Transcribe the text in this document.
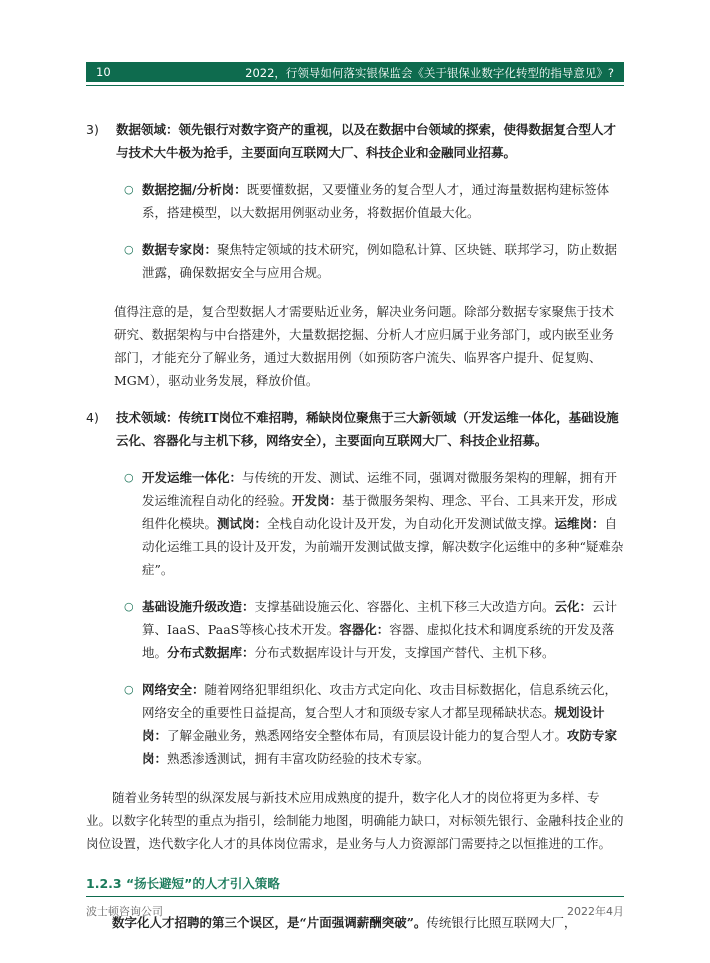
10	2022，行领导如何落实银保监会《关于银保业数字化转型的指导意见》?
3) 数据领域：领先银行对数字资产的重视，以及在数据中台领域的探索，使得数据复合型人才与技术大牛极为抢手，主要面向互联网大厂、科技企业和金融同业招募。
○ 数据挖掘/分析岗：既要懂数据，又要懂业务的复合型人才，通过海量数据构建标签体系，搭建模型，以大数据用例驱动业务，将数据价值最大化。
○ 数据专家岗：聚焦特定领域的技术研究，例如隐私计算、区块链、联邦学习，防止数据泄露，确保数据安全与应用合规。
值得注意的是，复合型数据人才需要贴近业务，解决业务问题。除部分数据专家聚焦于技术研究、数据架构与中台搭建外，大量数据挖掘、分析人才应归属于业务部门，或内嵌至业务部门，才能充分了解业务，通过大数据用例（如预防客户流失、临界客户提升、促复购、MGM），驱动业务发展，释放价值。
4) 技术领域：传统IT岗位不难招聘，稀缺岗位聚焦于三大新领域（开发运维一体化，基础设施云化、容器化与主机下移，网络安全），主要面向互联网大厂、科技企业招募。
○ 开发运维一体化：与传统的开发、测试、运维不同，强调对微服务架构的理解，拥有开发运维流程自动化的经验。开发岗：基于微服务架构、理念、平台、工具来开发，形成组件化模块。测试岗：全栈自动化设计及开发，为自动化开发测试做支撑。运维岗：自动化运维工具的设计及开发，为前端开发测试做支撑，解决数字化运维中的多种“疑难杂症”。
○ 基础设施升级改造：支撑基础设施云化、容器化、主机下移三大改造方向。云化：云计算、IaaS、PaaS等核心技术开发。容器化：容器、虚拟化技术和调度系统的开发及落地。分布式数据库：分布式数据库设计与开发，支撑国产替代、主机下移。
○ 网络安全：随着网络犯罪组织化、攻击方式定向化、攻击目标数据化，信息系统云化，网络安全的重要性日益提高，复合型人才和顶级专家人才都呈现稀缺状态。规划设计岗：了解金融业务，熟悉网络安全整体布局，有顶层设计能力的复合型人才。攻防专家岗：熟悉渗透测试，拥有丰富攻防经验的技术专家。
随着业务转型的纵深发展与新技术应用成熟度的提升，数字化人才的岗位将更为多样、专业。以数字化转型的重点为指引，绘制能力地图，明确能力缺口，对标领先银行、金融科技企业的岗位设置，迭代数字化人才的具体岗位需求，是业务与人力资源部门需要持之以恒推进的工作。
1.2.3 “扬长避短”的人才引入策略
数字化人才招聘的第三个误区，是“片面强调薪酬突破”。传统银行比照互联网大厂，
波士顿咨询公司	2022年4月
